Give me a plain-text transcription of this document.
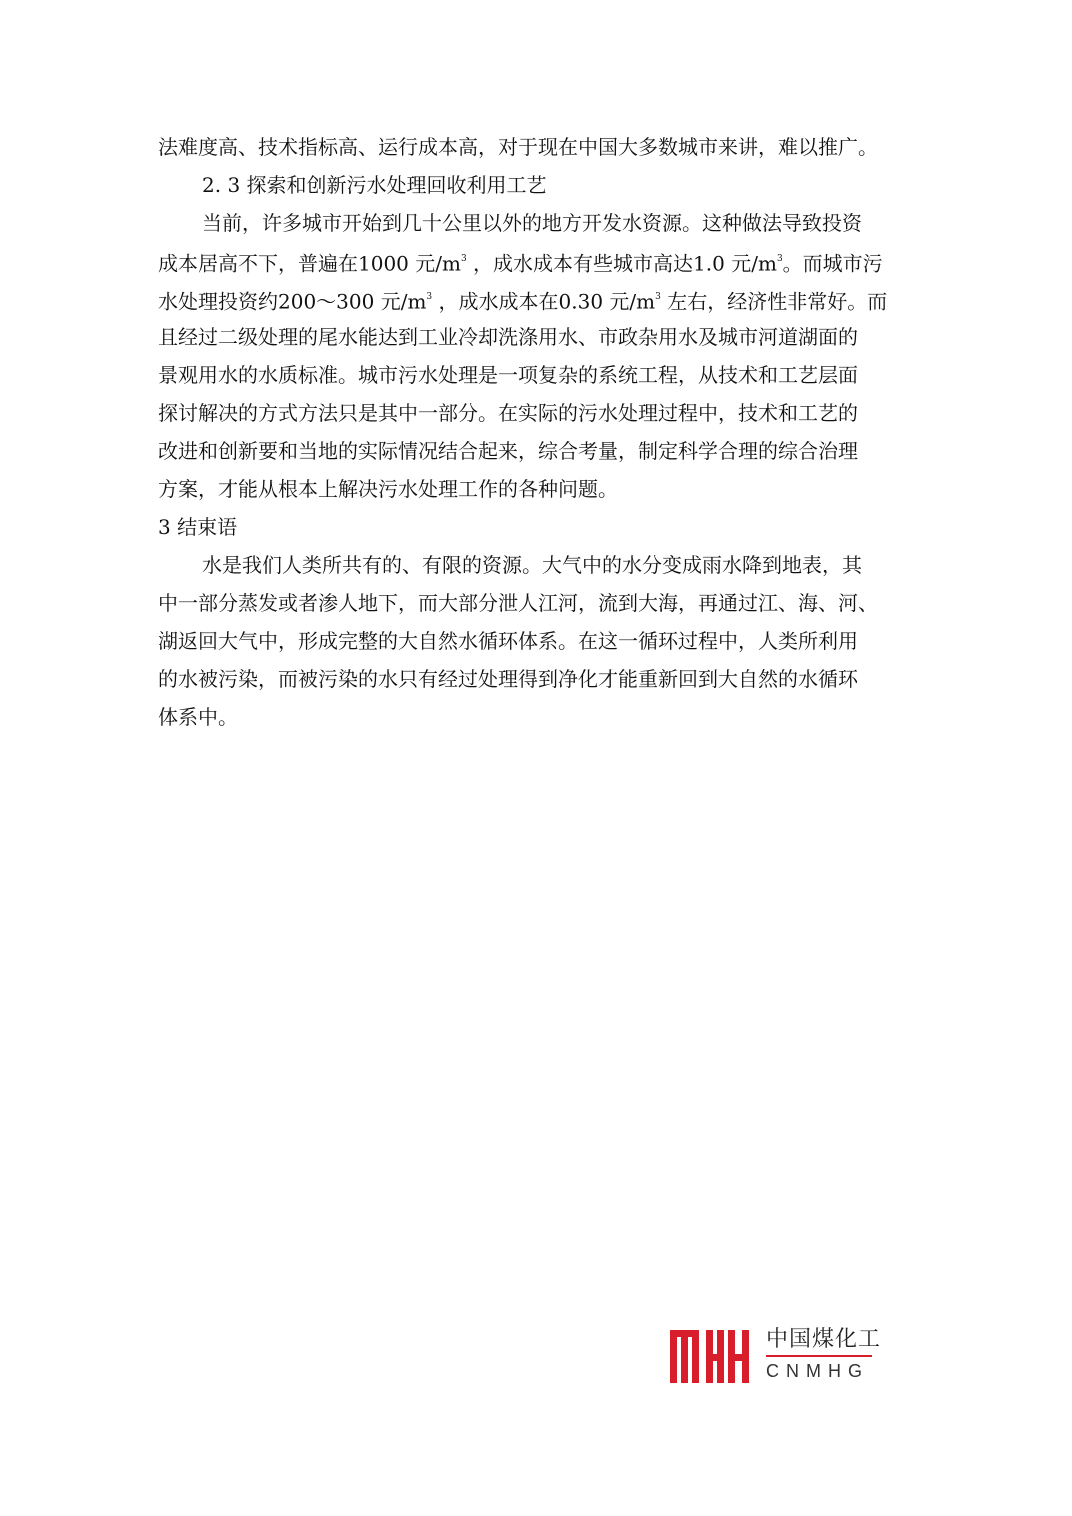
法难度高、技术指标高、运行成本高，对于现在中国大多数城市来讲，难以推广。
2. 3 探索和创新污水处理回收利用工艺
当前，许多城市开始到几十公里以外的地方开发水资源。这种做法导致投资
成本居高不下，普遍在1000 元$/m^3$ ，成水成本有些城市高达1.0 元$/m^3$。而城市污
水处理投资约200～300 元$/m^3$ ，成水成本在0.30 元$/m^3$ 左右，经济性非常好。而
且经过二级处理的尾水能达到工业冷却洗涤用水、市政杂用水及城市河道湖面的
景观用水的水质标准。城市污水处理是一项复杂的系统工程，从技术和工艺层面
探讨解决的方式方法只是其中一部分。在实际的污水处理过程中，技术和工艺的
改进和创新要和当地的实际情况结合起来，综合考量，制定科学合理的综合治理
方案，才能从根本上解决污水处理工作的各种问题。
3 结束语
水是我们人类所共有的、有限的资源。大气中的水分变成雨水降到地表，其
中一部分蒸发或者渗人地下，而大部分泄人江河，流到大海，再通过江、海、河、
湖返回大气中，形成完整的大自然水循环体系。在这一循环过程中，人类所利用
的水被污染，而被污染的水只有经过处理得到净化才能重新回到大自然的水循环
体系中。
中国煤化工
CNMHG
